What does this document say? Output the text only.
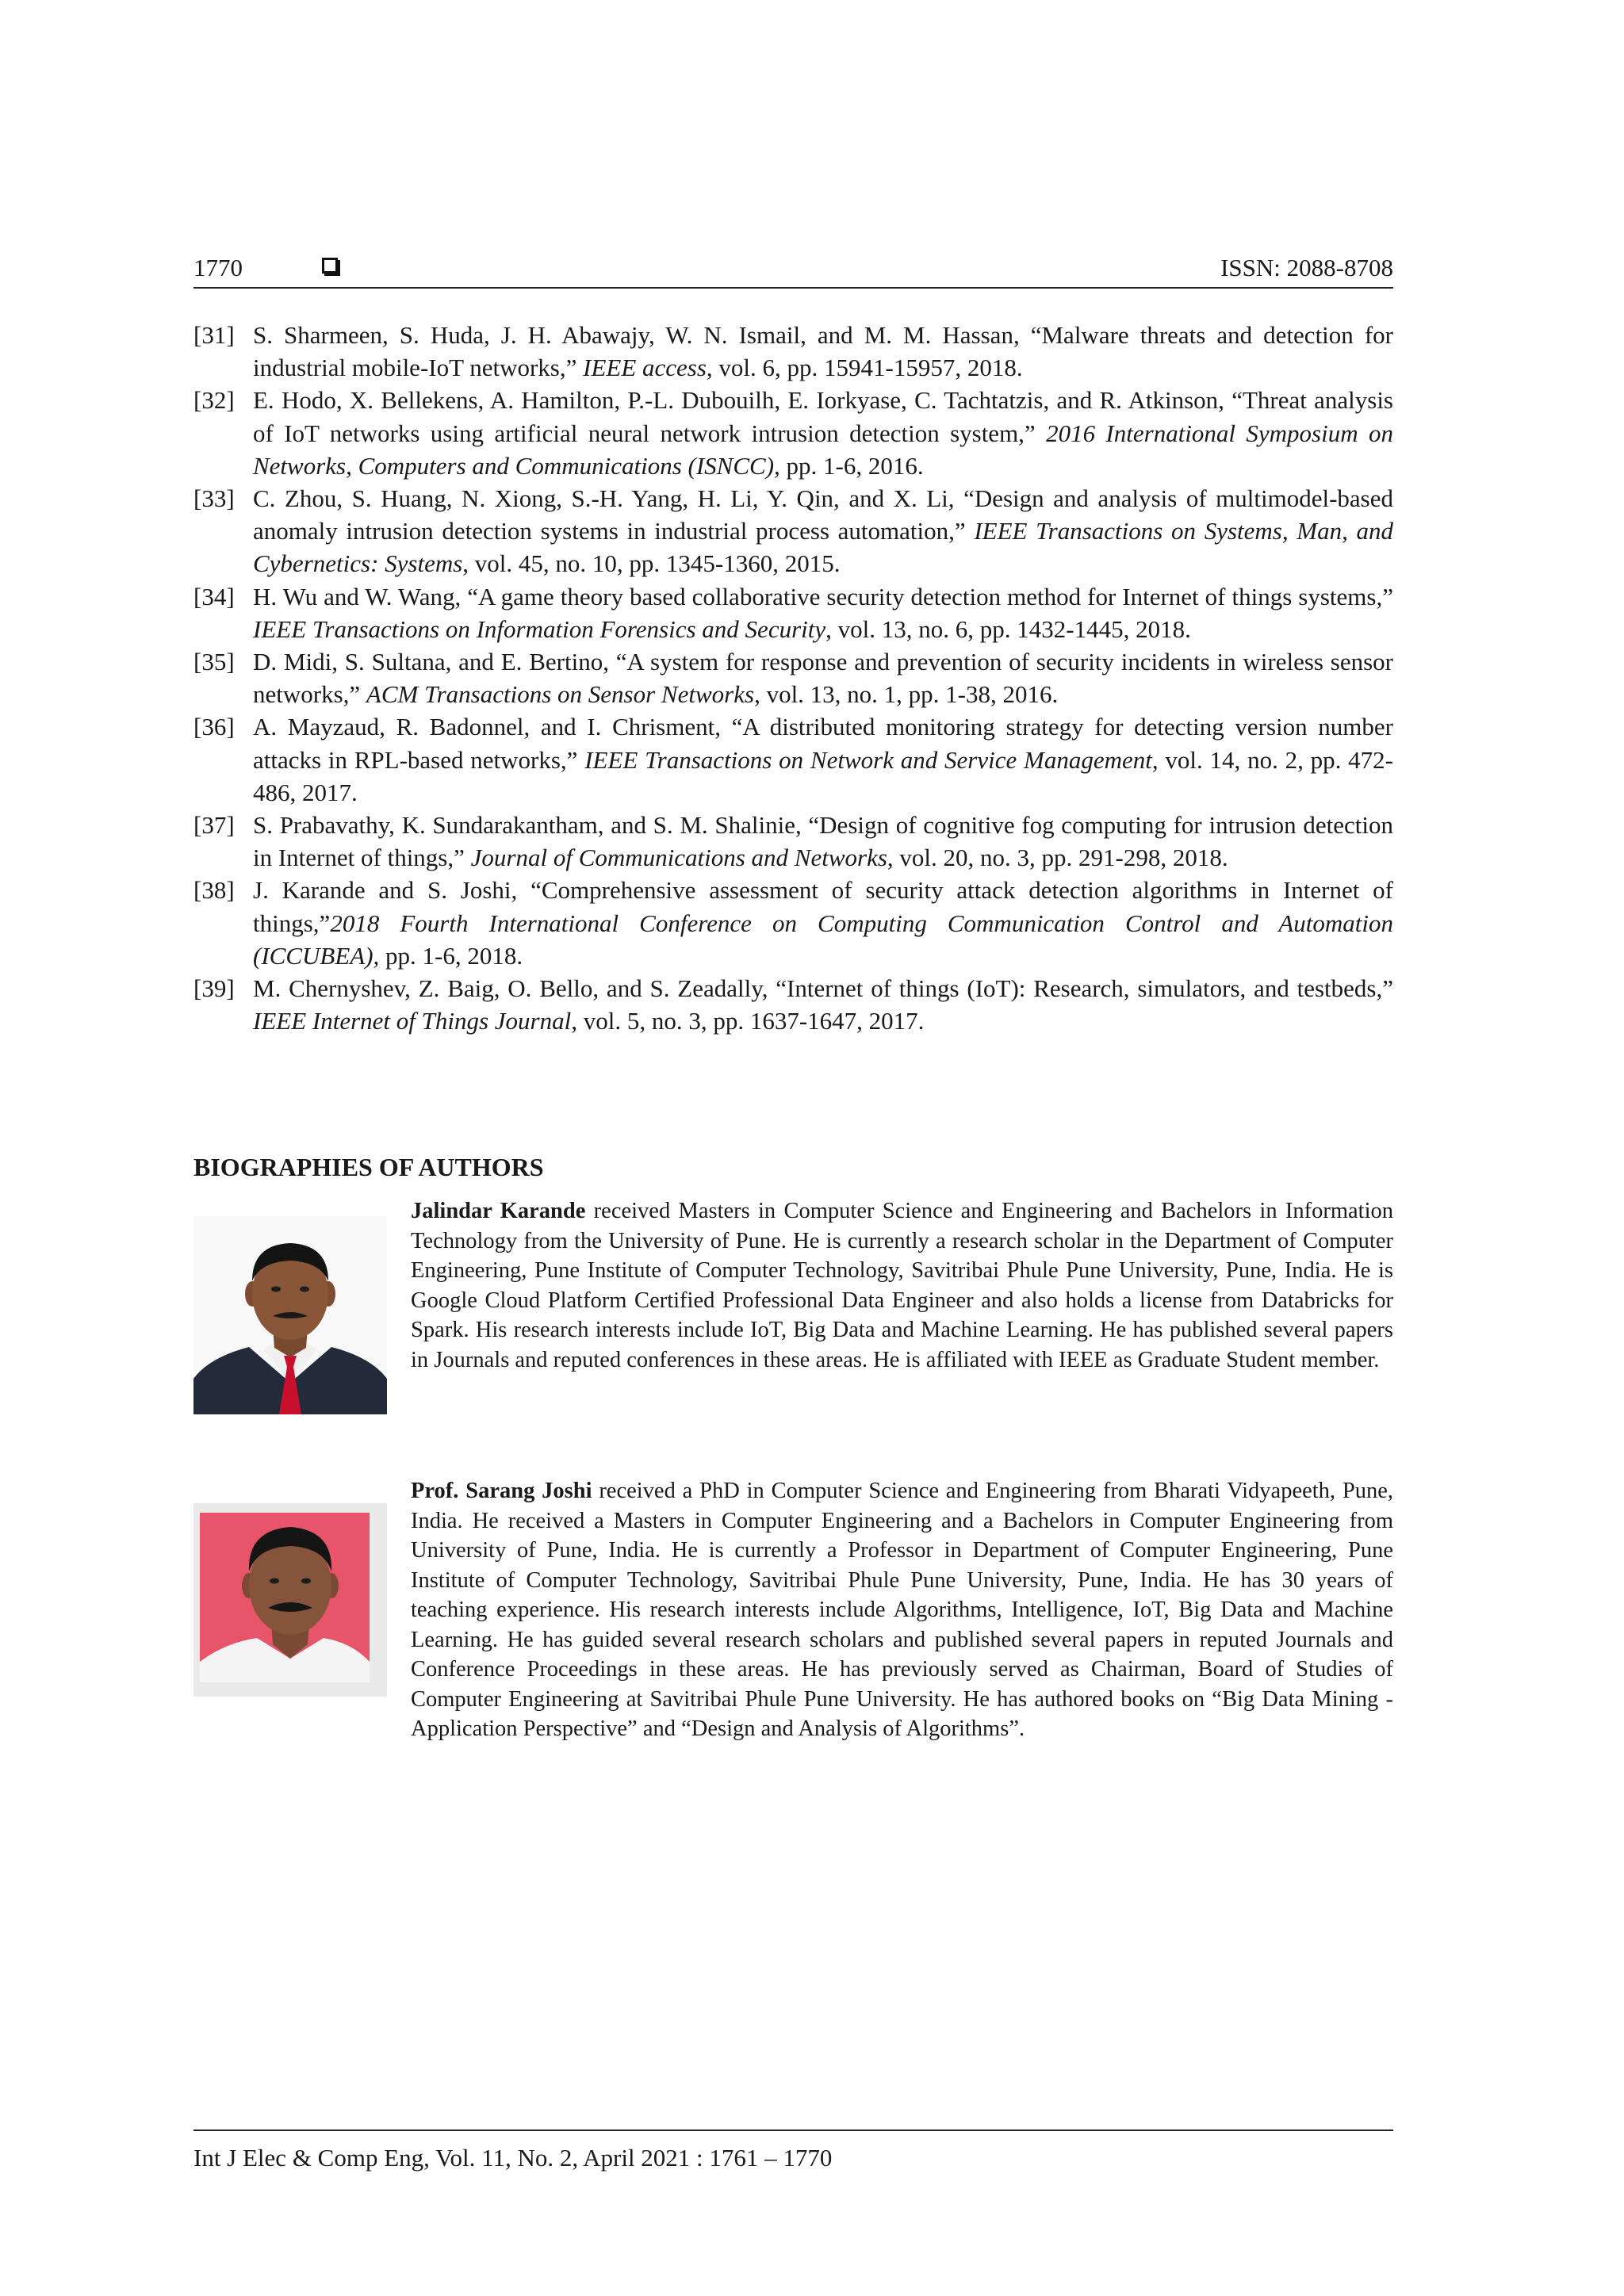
1770	ISSN: 2088-8708
[31] S. Sharmeen, S. Huda, J. H. Abawajy, W. N. Ismail, and M. M. Hassan, “Malware threats and detection for industrial mobile-IoT networks,” IEEE access, vol. 6, pp. 15941-15957, 2018.
[32] E. Hodo, X. Bellekens, A. Hamilton, P.-L. Dubouilh, E. Iorkyase, C. Tachtatzis, and R. Atkinson, “Threat analysis of IoT networks using artificial neural network intrusion detection system,” 2016 International Symposium on Networks, Computers and Communications (ISNCC), pp. 1-6, 2016.
[33] C. Zhou, S. Huang, N. Xiong, S.-H. Yang, H. Li, Y. Qin, and X. Li, “Design and analysis of multimodel-based anomaly intrusion detection systems in industrial process automation,” IEEE Transactions on Systems, Man, and Cybernetics: Systems, vol. 45, no. 10, pp. 1345-1360, 2015.
[34] H. Wu and W. Wang, “A game theory based collaborative security detection method for Internet of things systems,” IEEE Transactions on Information Forensics and Security, vol. 13, no. 6, pp. 1432-1445, 2018.
[35] D. Midi, S. Sultana, and E. Bertino, “A system for response and prevention of security incidents in wireless sensor networks,” ACM Transactions on Sensor Networks, vol. 13, no. 1, pp. 1-38, 2016.
[36] A. Mayzaud, R. Badonnel, and I. Chrisment, “A distributed monitoring strategy for detecting version number attacks in RPL-based networks,” IEEE Transactions on Network and Service Management, vol. 14, no. 2, pp. 472-486, 2017.
[37] S. Prabavathy, K. Sundarakantham, and S. M. Shalinie, “Design of cognitive fog computing for intrusion detection in Internet of things,” Journal of Communications and Networks, vol. 20, no. 3, pp. 291-298, 2018.
[38] J. Karande and S. Joshi, “Comprehensive assessment of security attack detection algorithms in Internet of things,”2018 Fourth International Conference on Computing Communication Control and Automation (ICCUBEA), pp. 1-6, 2018.
[39] M. Chernyshev, Z. Baig, O. Bello, and S. Zeadally, “Internet of things (IoT): Research, simulators, and testbeds,” IEEE Internet of Things Journal, vol. 5, no. 3, pp. 1637-1647, 2017.
BIOGRAPHIES OF AUTHORS
Jalindar Karande received Masters in Computer Science and Engineering and Bachelors in Information Technology from the University of Pune. He is currently a research scholar in the Department of Computer Engineering, Pune Institute of Computer Technology, Savitribai Phule Pune University, Pune, India. He is Google Cloud Platform Certified Professional Data Engineer and also holds a license from Databricks for Spark. His research interests include IoT, Big Data and Machine Learning. He has published several papers in Journals and reputed conferences in these areas. He is affiliated with IEEE as Graduate Student member.
Prof. Sarang Joshi received a PhD in Computer Science and Engineering from Bharati Vidyapeeth, Pune, India. He received a Masters in Computer Engineering and a Bachelors in Computer Engineering from University of Pune, India. He is currently a Professor in Department of Computer Engineering, Pune Institute of Computer Technology, Savitribai Phule Pune University, Pune, India. He has 30 years of teaching experience. His research interests include Algorithms, Intelligence, IoT, Big Data and Machine Learning. He has guided several research scholars and published several papers in reputed Journals and Conference Proceedings in these areas. He has previously served as Chairman, Board of Studies of Computer Engineering at Savitribai Phule Pune University. He has authored books on “Big Data Mining - Application Perspective” and “Design and Analysis of Algorithms”.
Int J Elec & Comp Eng, Vol. 11, No. 2, April 2021 : 1761 – 1770
